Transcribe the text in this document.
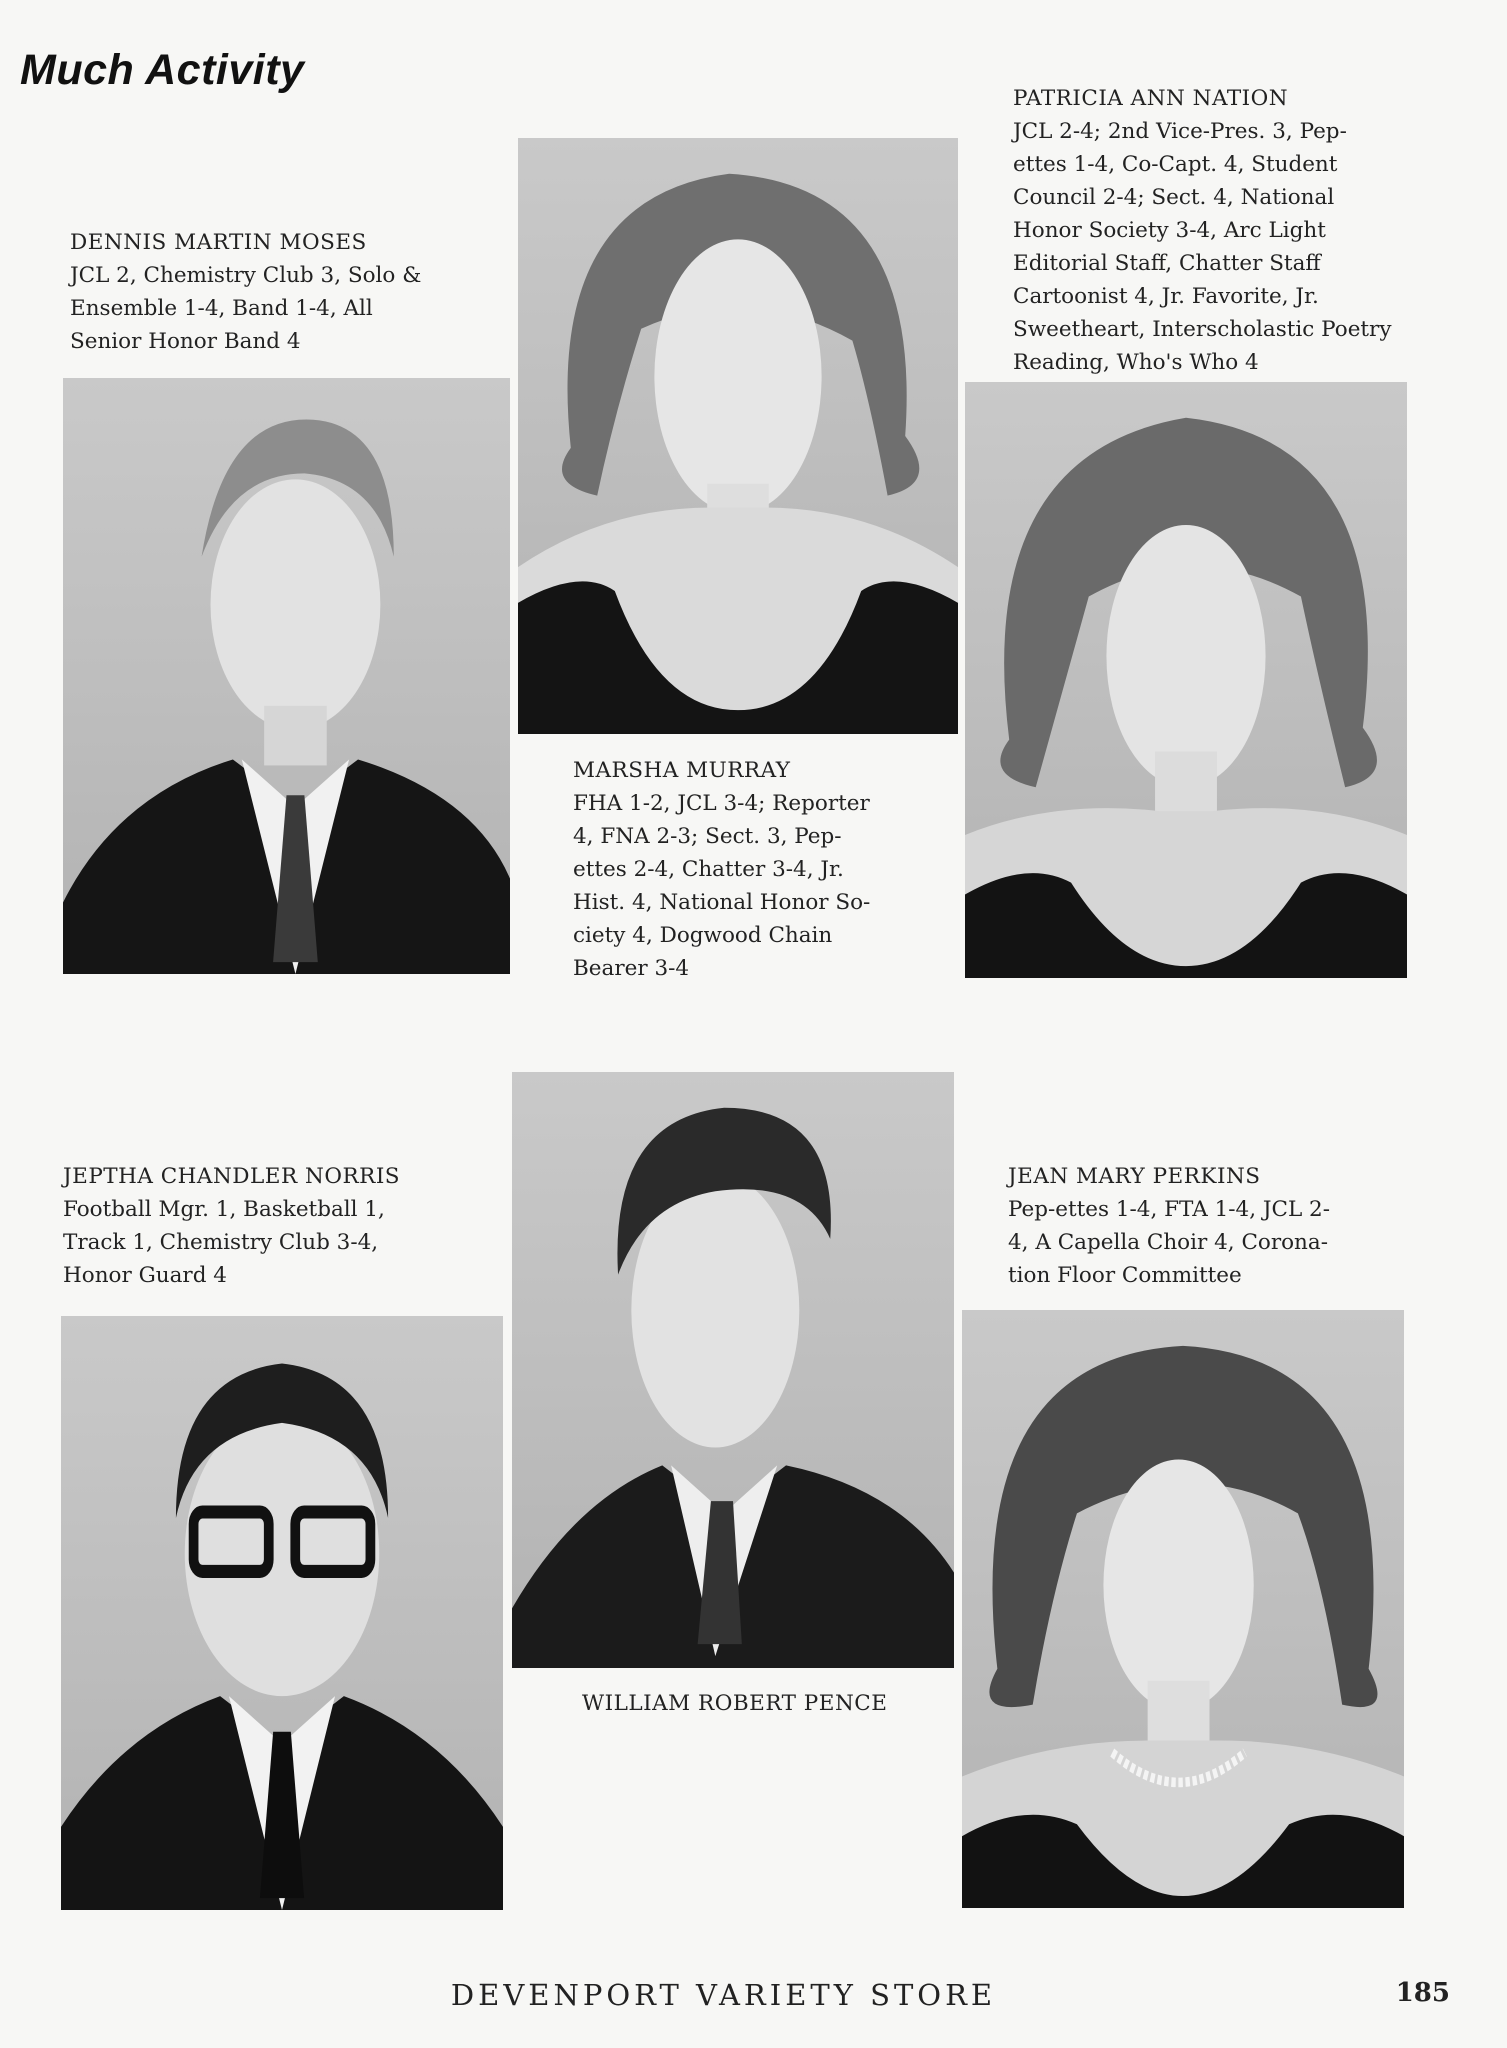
Much Activity
DENNIS MARTIN MOSES
JCL 2, Chemistry Club 3, Solo &
Ensemble 1-4, Band 1-4, All
Senior Honor Band 4
MARSHA MURRAY
FHA 1-2, JCL 3-4; Reporter
4, FNA 2-3; Sect. 3, Pep-
ettes 2-4, Chatter 3-4, Jr.
Hist. 4, National Honor So-
ciety 4, Dogwood Chain
Bearer 3-4
PATRICIA ANN NATION
JCL 2-4; 2nd Vice-Pres. 3, Pep-
ettes 1-4, Co-Capt. 4, Student
Council 2-4; Sect. 4, National
Honor Society 3-4, Arc Light
Editorial Staff, Chatter Staff
Cartoonist 4, Jr. Favorite, Jr.
Sweetheart, Interscholastic Poetry
Reading, Who's Who 4
JEPTHA CHANDLER NORRIS
Football Mgr. 1, Basketball 1,
Track 1, Chemistry Club 3-4,
Honor Guard 4
WILLIAM ROBERT PENCE
JEAN MARY PERKINS
Pep-ettes 1-4, FTA 1-4, JCL 2-
4, A Capella Choir 4, Corona-
tion Floor Committee
DEVENPORT VARIETY STORE	185
